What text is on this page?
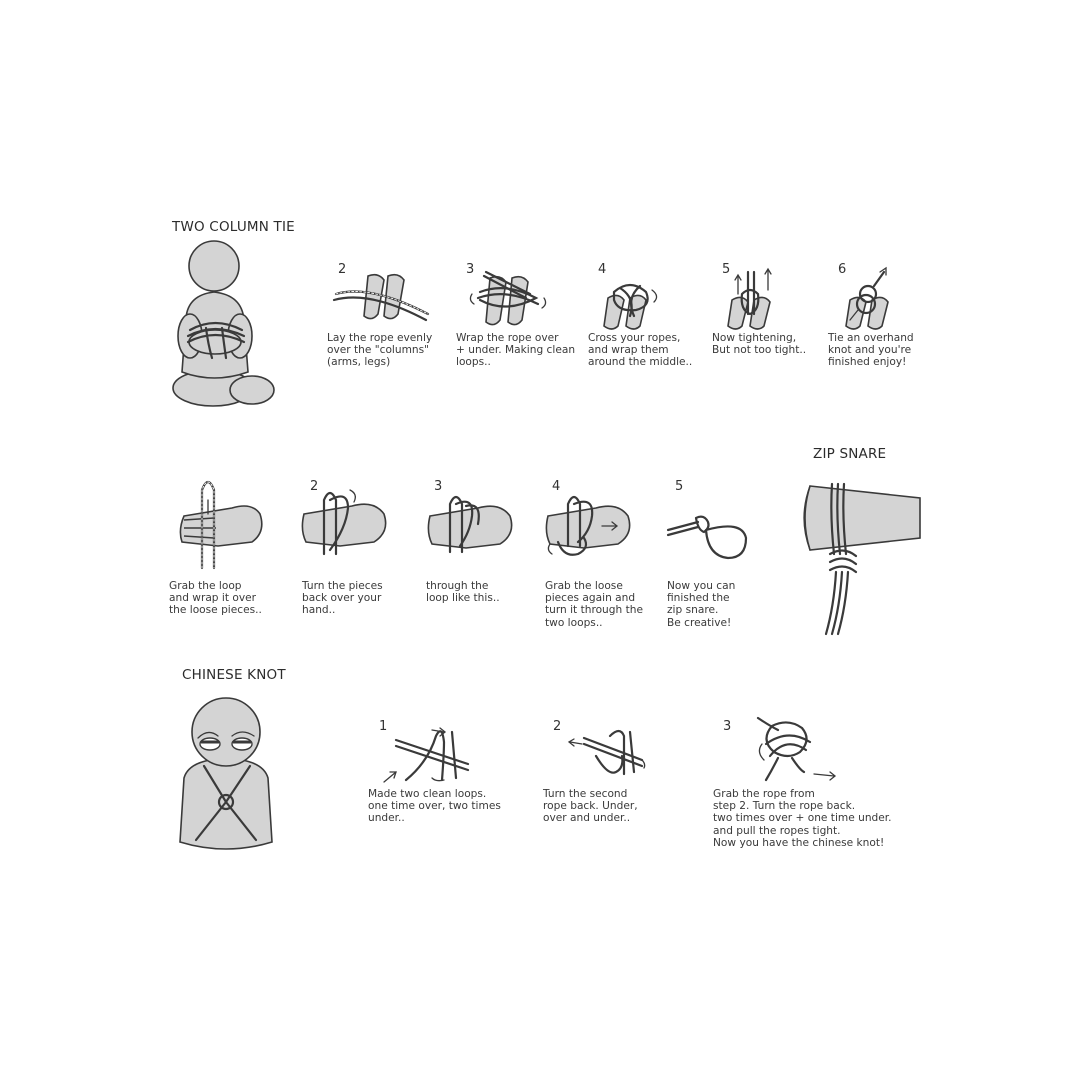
TWO COLUMN TIE
2
Lay the rope evenly
over the "columns"
(arms, legs)
3
Wrap the rope over
+ under. Making clean
loops..
4
Cross your ropes,
and wrap them
around the middle..
5
Now tightening,
But not too tight..
6
Tie an overhand
knot and you're
finished enjoy!
ZIP SNARE
Grab the loop
and wrap it over
the loose pieces..
2
Turn the pieces
back over your
hand..
3
through the
loop like this..
4
Grab the loose
pieces again and
turn it through the
two loops..
5
Now you can
finished the
zip snare.
Be creative!
CHINESE KNOT
1
Made two clean loops.
one time over, two times
under..
2
Turn the second
rope back. Under,
over and under..
3
Grab the rope from
step 2. Turn the rope back.
two times over + one time under.
and pull the ropes tight.
Now you have the chinese knot!
